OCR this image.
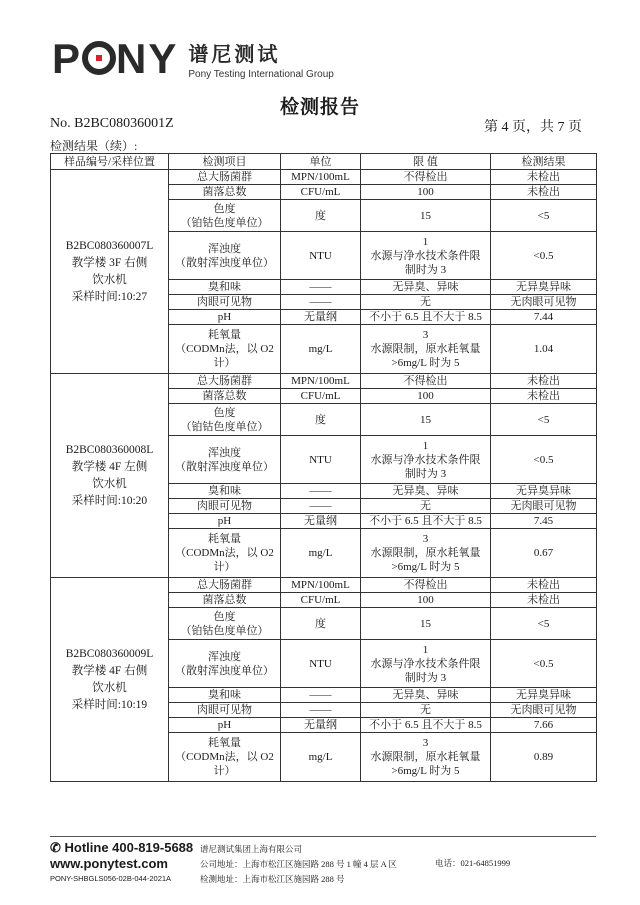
P NY 谱尼测试
Pony Testing International Group
检测报告
No. B2BC08036001Z	第 4 页，共 7 页
检测结果（续）:
样品编号/采样位置	检测项目	单位	限 值	检测结果

B2BC080360007L
教学楼 3F 右侧
饮水机
采样时间:10:27	总大肠菌群	MPN/100mL	不得检出	未检出
	菌落总数	CFU/mL	100	未检出
	色度
（铂钴色度单位）	度	15	<5
	浑浊度
（散射浑浊度单位）	NTU	1
水源与净水技术条件限
制时为 3	<0.5
	臭和味	——	无异臭、异味	无异臭异味
	肉眼可见物	——	无	无肉眼可见物
	pH	无量纲	不小于 6.5 且不大于 8.5	7.44
	耗氧量
（CODMn法，以 O2 计）	mg/L	3
水源限制，原水耗氧量
>6mg/L 时为 5	1.04

B2BC080360008L
教学楼 4F 左侧
饮水机
采样时间:10:20	总大肠菌群	MPN/100mL	不得检出	未检出
	菌落总数	CFU/mL	100	未检出
	色度
（铂钴色度单位）	度	15	<5
	浑浊度
（散射浑浊度单位）	NTU	1
水源与净水技术条件限
制时为 3	<0.5
	臭和味	——	无异臭、异味	无异臭异味
	肉眼可见物	——	无	无肉眼可见物
	pH	无量纲	不小于 6.5 且不大于 8.5	7.45
	耗氧量
（CODMn法，以 O2 计）	mg/L	3
水源限制，原水耗氧量
>6mg/L 时为 5	0.67

B2BC080360009L
教学楼 4F 右侧
饮水机
采样时间:10:19	总大肠菌群	MPN/100mL	不得检出	未检出
	菌落总数	CFU/mL	100	未检出
	色度
（铂钴色度单位）	度	15	<5
	浑浊度
（散射浑浊度单位）	NTU	1
水源与净水技术条件限
制时为 3	<0.5
	臭和味	——	无异臭、异味	无异臭异味
	肉眼可见物	——	无	无肉眼可见物
	pH	无量纲	不小于 6.5 且不大于 8.5	7.66
	耗氧量
（CODMn法，以 O2 计）	mg/L	3
水源限制，原水耗氧量
>6mg/L 时为 5	0.89
✆ Hotline 400-819-5688
www.ponytest.com
PONY-SHBGLS056-02B-044-2021A
谱尼测试集团上海有限公司
公司地址：上海市松江区施园路 288 号 1 幢 4 层 A 区
检测地址：上海市松江区施园路 288 号
电话：021-64851999
